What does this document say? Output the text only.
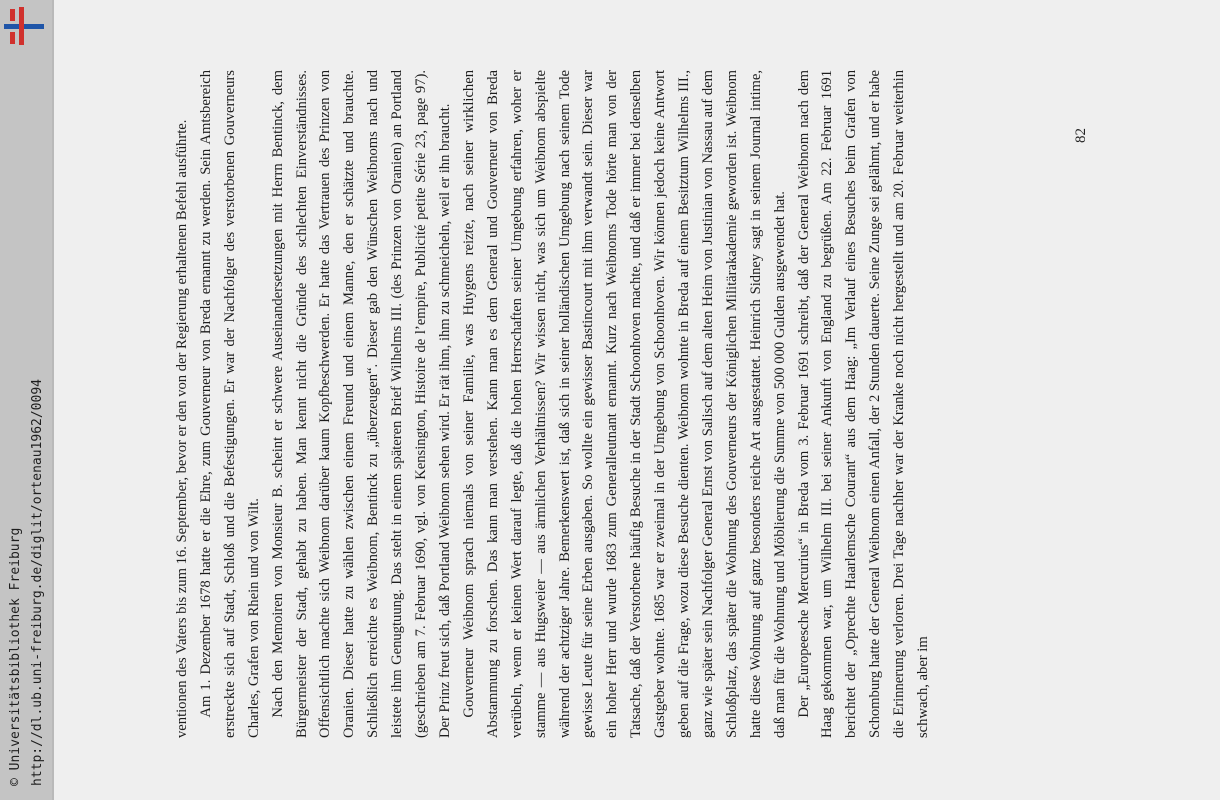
http://dl.ub.uni-freiburg.de/diglit/ortenau1962/0094
© Universitätsbibliothek Freiburg	ventionen des Vaters bis zum 16. September, bevor er den von der Regierung erhaltenen Befehl ausführte. Am 1. Dezember 1678 hatte er die Ehre, zum Gouverneur von Breda ernannt zu werden. Sein Amtsbereich erstreckte sich auf Stadt, Schloß und die Befestigungen. Er war der Nachfolger des verstorbenen Gouverneurs Charles, Grafen von Rhein und von Wilt. Nach den Memoiren von Monsieur B. scheint er schwere Auseinandersetzungen mit Herrn Bentinck, dem Bürgermeister der Stadt, gehabt zu haben. Man kennt nicht die Gründe des schlechten Einverständnisses. Offensichtlich machte sich Weibnom darüber kaum Kopfbeschwerden. Er hatte das Vertrauen des Prinzen von Oranien. Dieser hatte zu wählen zwischen einem Freund und einem Manne, den er schätzte und brauchte. Schließlich erreichte es Weibnom, Bentinck zu „überzeugen“. Dieser gab den Wünschen Weibnoms nach und leistete ihm Genugtuung. Das steht in einem späteren Brief Wilhelms III. (des Prinzen von Oranien) an Portland (geschrieben am 7. Februar 1690, vgl. von Kensington, Histoire de l’empire, Publicité petite Série 23, page 97). Der Prinz freut sich, daß Portland Weibnom sehen wird. Er rät ihm, ihm zu schmeicheln, weil er ihn braucht. Gouverneur Weibnom sprach niemals von seiner Familie, was Huygens reizte, nach seiner wirklichen Abstammung zu forschen. Das kann man verstehen. Kann man es dem General und Gouverneur von Breda verübeln, wenn er keinen Wert darauf legte, daß die hohen Herrschaften seiner Umgebung erfahren, woher er stamme — aus Hugsweier — aus ärmlichen Verhältnissen? Wir wissen nicht, was sich um Weibnom abspielte während der achtziger Jahre. Bemerkenswert ist, daß sich in seiner holländischen Umgebung nach seinem Tode gewisse Leute für seine Erben ausgaben. So wollte ein gewisser Bastincourt mit ihm verwandt sein. Dieser war ein hoher Herr und wurde 1683 zum Generalleutnant ernannt. Kurz nach Weibnoms Tode hörte man von der Tatsache, daß der Verstorbene häufig Besuche in der Stadt Schoonhoven machte, und daß er immer bei denselben Gastgeber wohnte. 1685 war er zweimal in der Umgebung von Schoonhoven. Wir können jedoch keine Antwort geben auf die Frage, wozu diese Besuche dienten. Weibnom wohnte in Breda auf einem Besitztum Wilhelms III., ganz wie später sein Nachfolger General Ernst von Salisch auf dem alten Heim von Justinian von Nassau auf dem Schloßplatz, das später die Wohnung des Gouverneurs der Königlichen Militärakademie geworden ist. Weibnom hatte diese Wohnung auf ganz besonders reiche Art ausgestattet. Heinrich Sidney sagt in seinem Journal intime, daß man für die Wohnung und Möblierung die Summe von 500 000 Gulden ausgewendet hat. Der „Europeesche Mercurius“ in Breda vom 3. Februar 1691 schreibt, daß der General Weibnom nach dem Haag gekommen war, um Wilhelm III. bei seiner Ankunft von England zu begrüßen. Am 22. Februar 1691 berichtet der „Oprechte Haarlemsche Courant“ aus dem Haag: „Im Verlauf eines Besuches beim Grafen von Schomburg hatte der General Weibnom einen Anfall, der 2 Stunden dauerte. Seine Zunge sei gelähmt, und er habe die Erinnerung verloren. Drei Tage nachher war der Kranke noch nicht hergestellt und am 20. Februar weiterhin schwach, aber im

82
